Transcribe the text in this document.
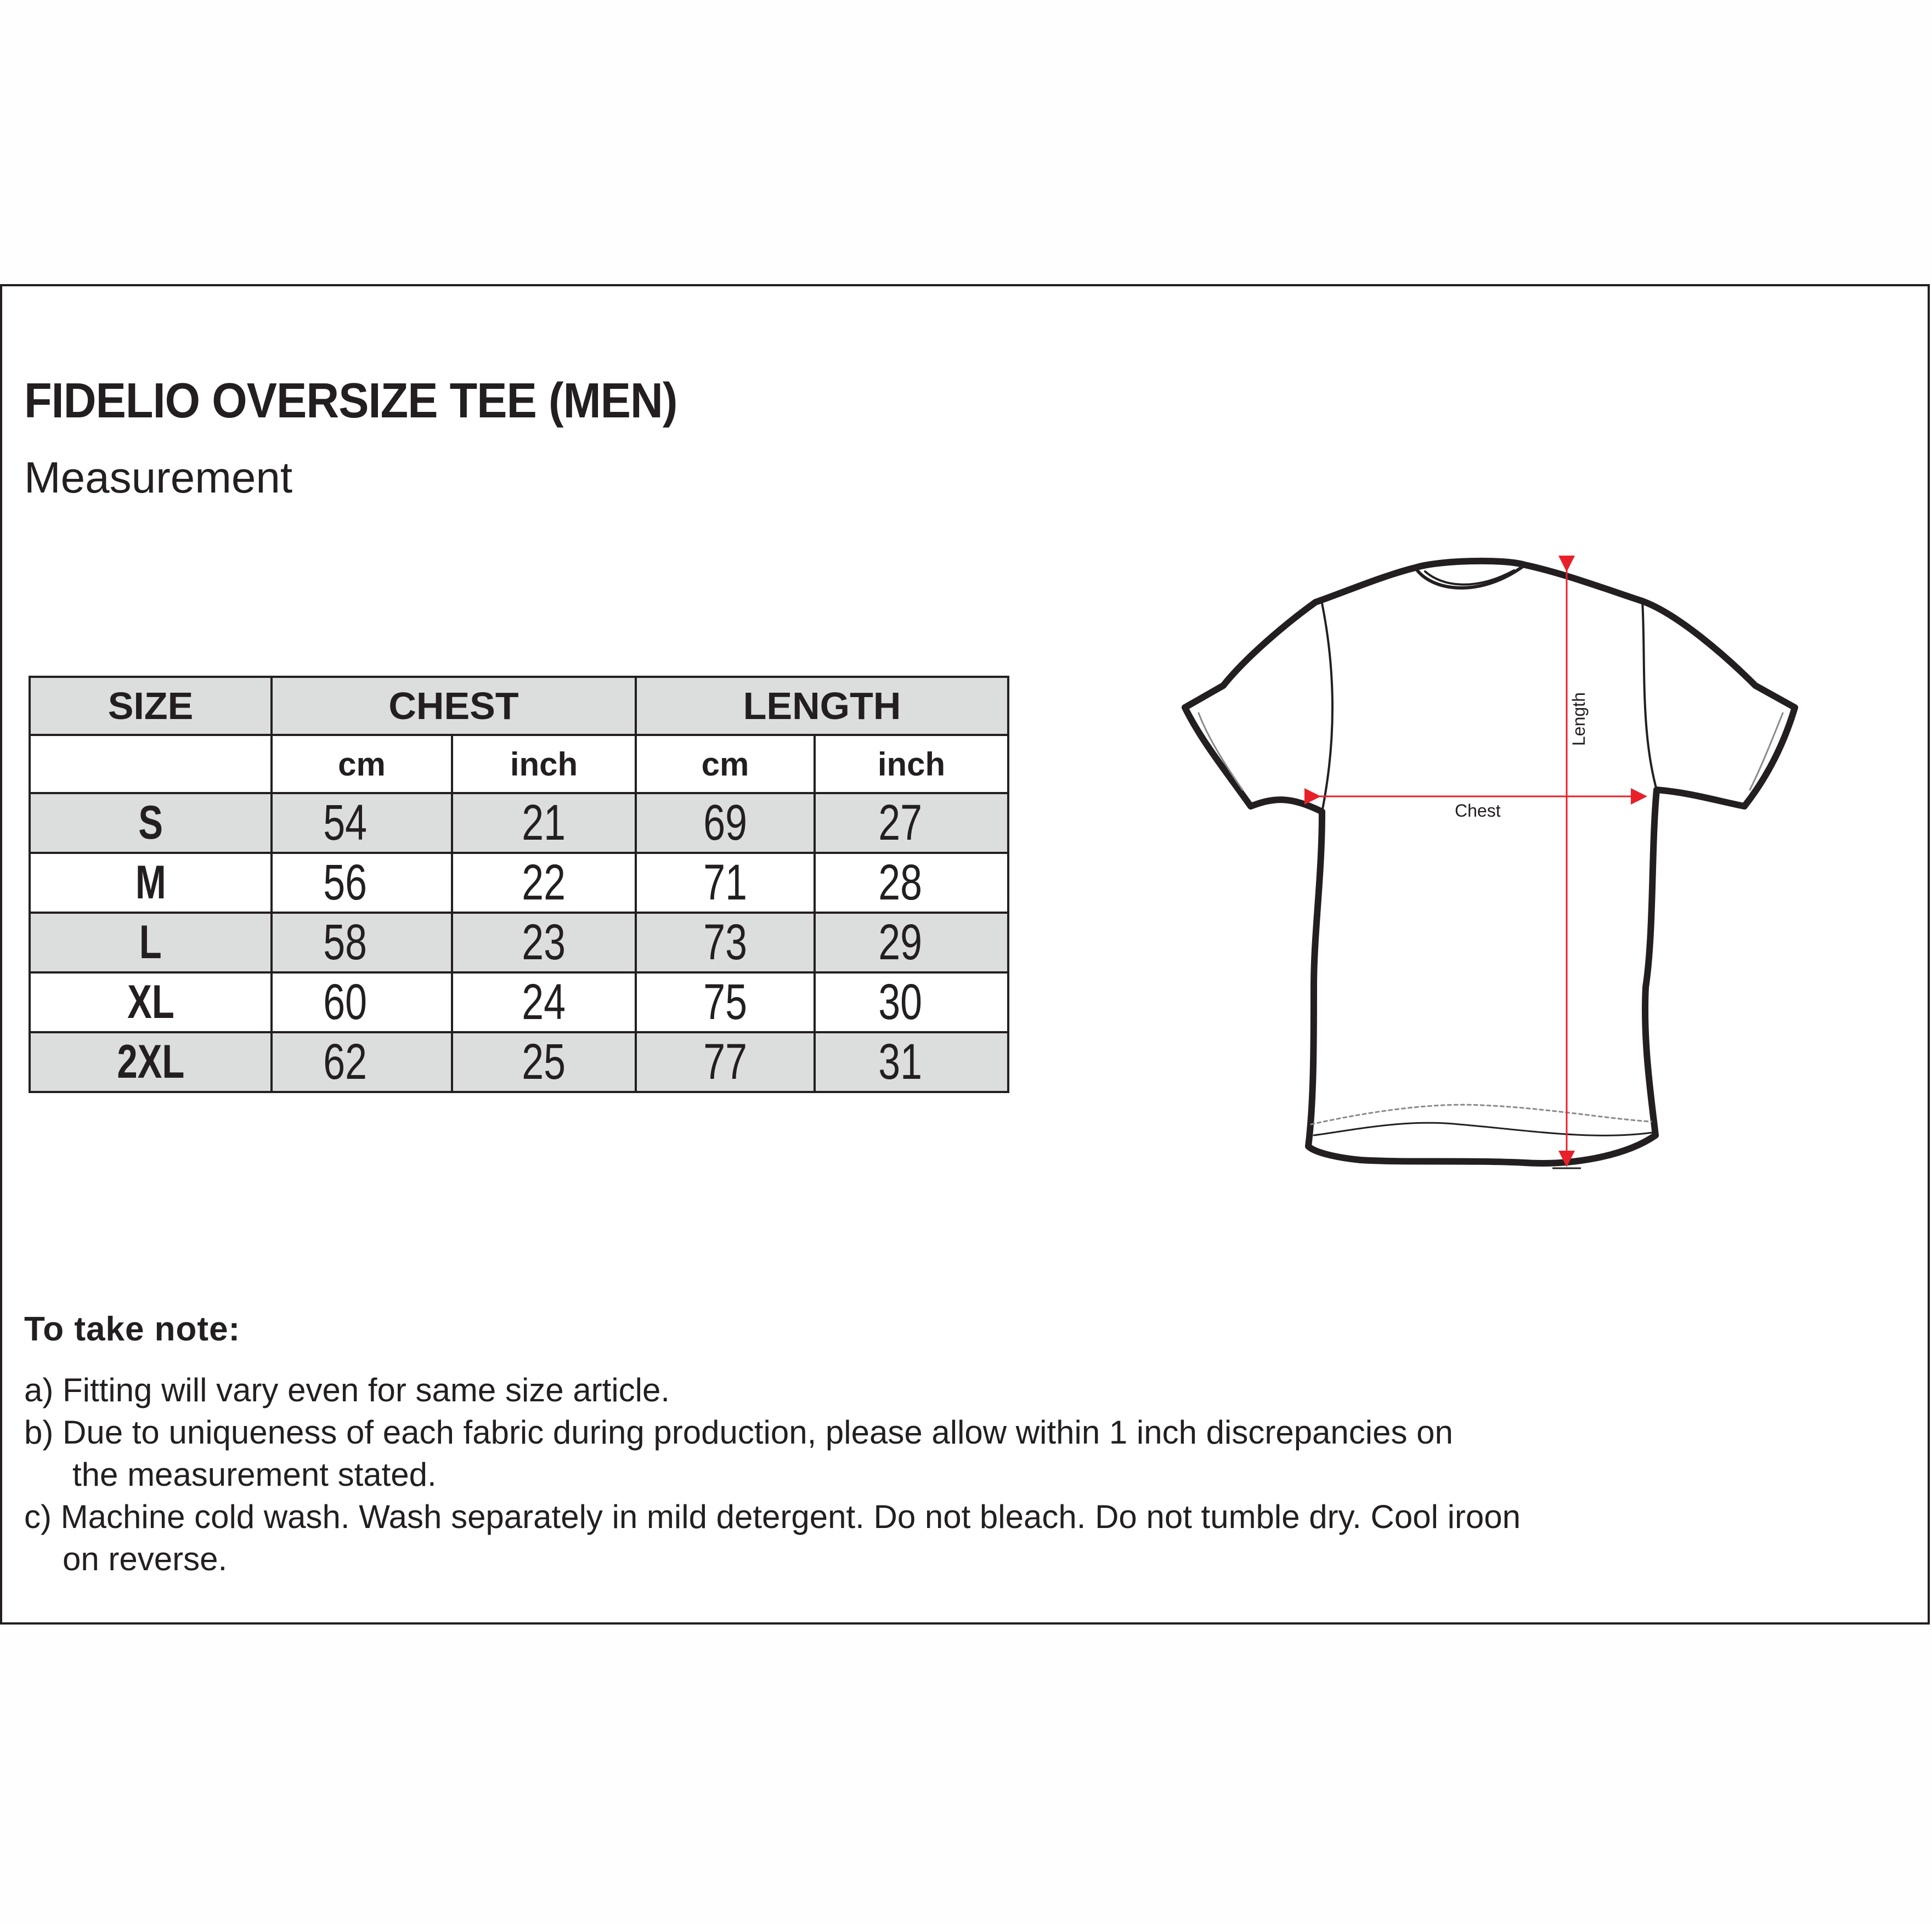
FIDELIO OVERSIZE TEE (MEN)
Measurement
SIZE	CHEST		LENGTH	
	cm	inch	cm	inch
S	54	21	69	27
M	56	22	71	28
L	58	23	73	29
XL	60	24	75	30
2XL	62	25	77	31
Chest
Length
To take note:
a) Fitting will vary even for same size article.
b) Due to uniqueness of each fabric during production, please allow within 1 inch discrepancies on
the measurement stated.
c) Machine cold wash. Wash separately in mild detergent. Do not bleach. Do not tumble dry. Cool iroon
on reverse.
